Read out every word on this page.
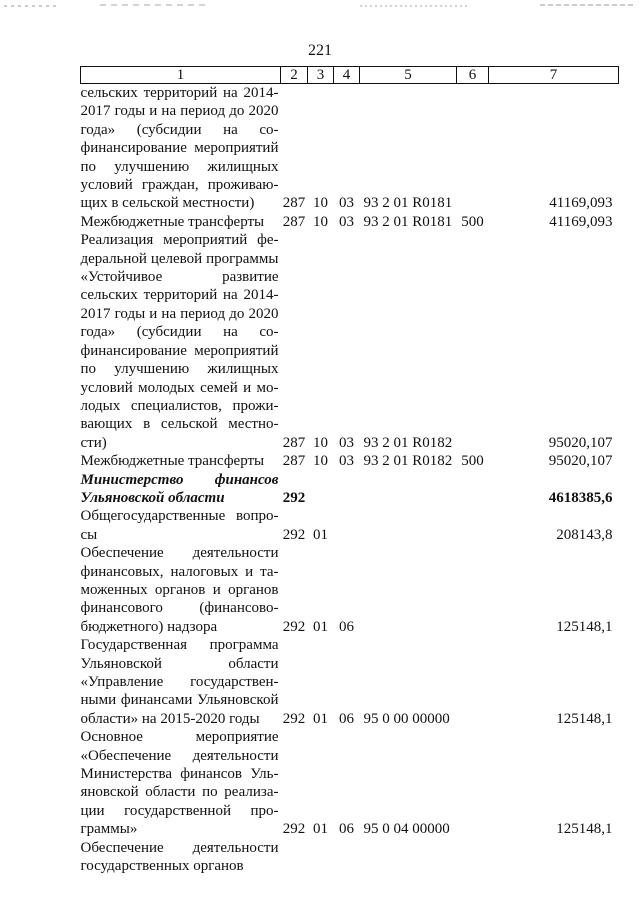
221
1	2	3	4	5	6	7
сельских территорий на 2014-2017 годы и на период до 2020 года» (субсидии на софинансирование мероприятий по улучшению жилищных условий граждан, проживающих в сельской местности)	287	10	03	93 2 01 R0181		41169,093
Межбюджетные трансферты	287	10	03	93 2 01 R0181	500	41169,093
Реализация мероприятий федеральной целевой программы «Устойчивое развитие сельских территорий на 2014-2017 годы и на период до 2020 года» (субсидии на софинансирование мероприятий по улучшению жилищных условий молодых семей и молодых специалистов, проживающих в сельской местности)	287	10	03	93 2 01 R0182		95020,107
Межбюджетные трансферты	287	10	03	93 2 01 R0182	500	95020,107
Министерство финансов Ульяновской области	292					4618385,6
Общегосударственные вопросы	292	01				208143,8
Обеспечение деятельности финансовых, налоговых и таможенных органов и органов финансового (финансово-бюджетного) надзора	292	01	06			125148,1
Государственная программа Ульяновской области «Управление государственными финансами Ульяновской области» на 2015-2020 годы	292	01	06	95 0 00 00000		125148,1
Основное мероприятие «Обеспечение деятельности Министерства финансов Ульяновской области по реализации государственной программы»	292	01	06	95 0 04 00000		125148,1
Обеспечение деятельности государственных органов						
